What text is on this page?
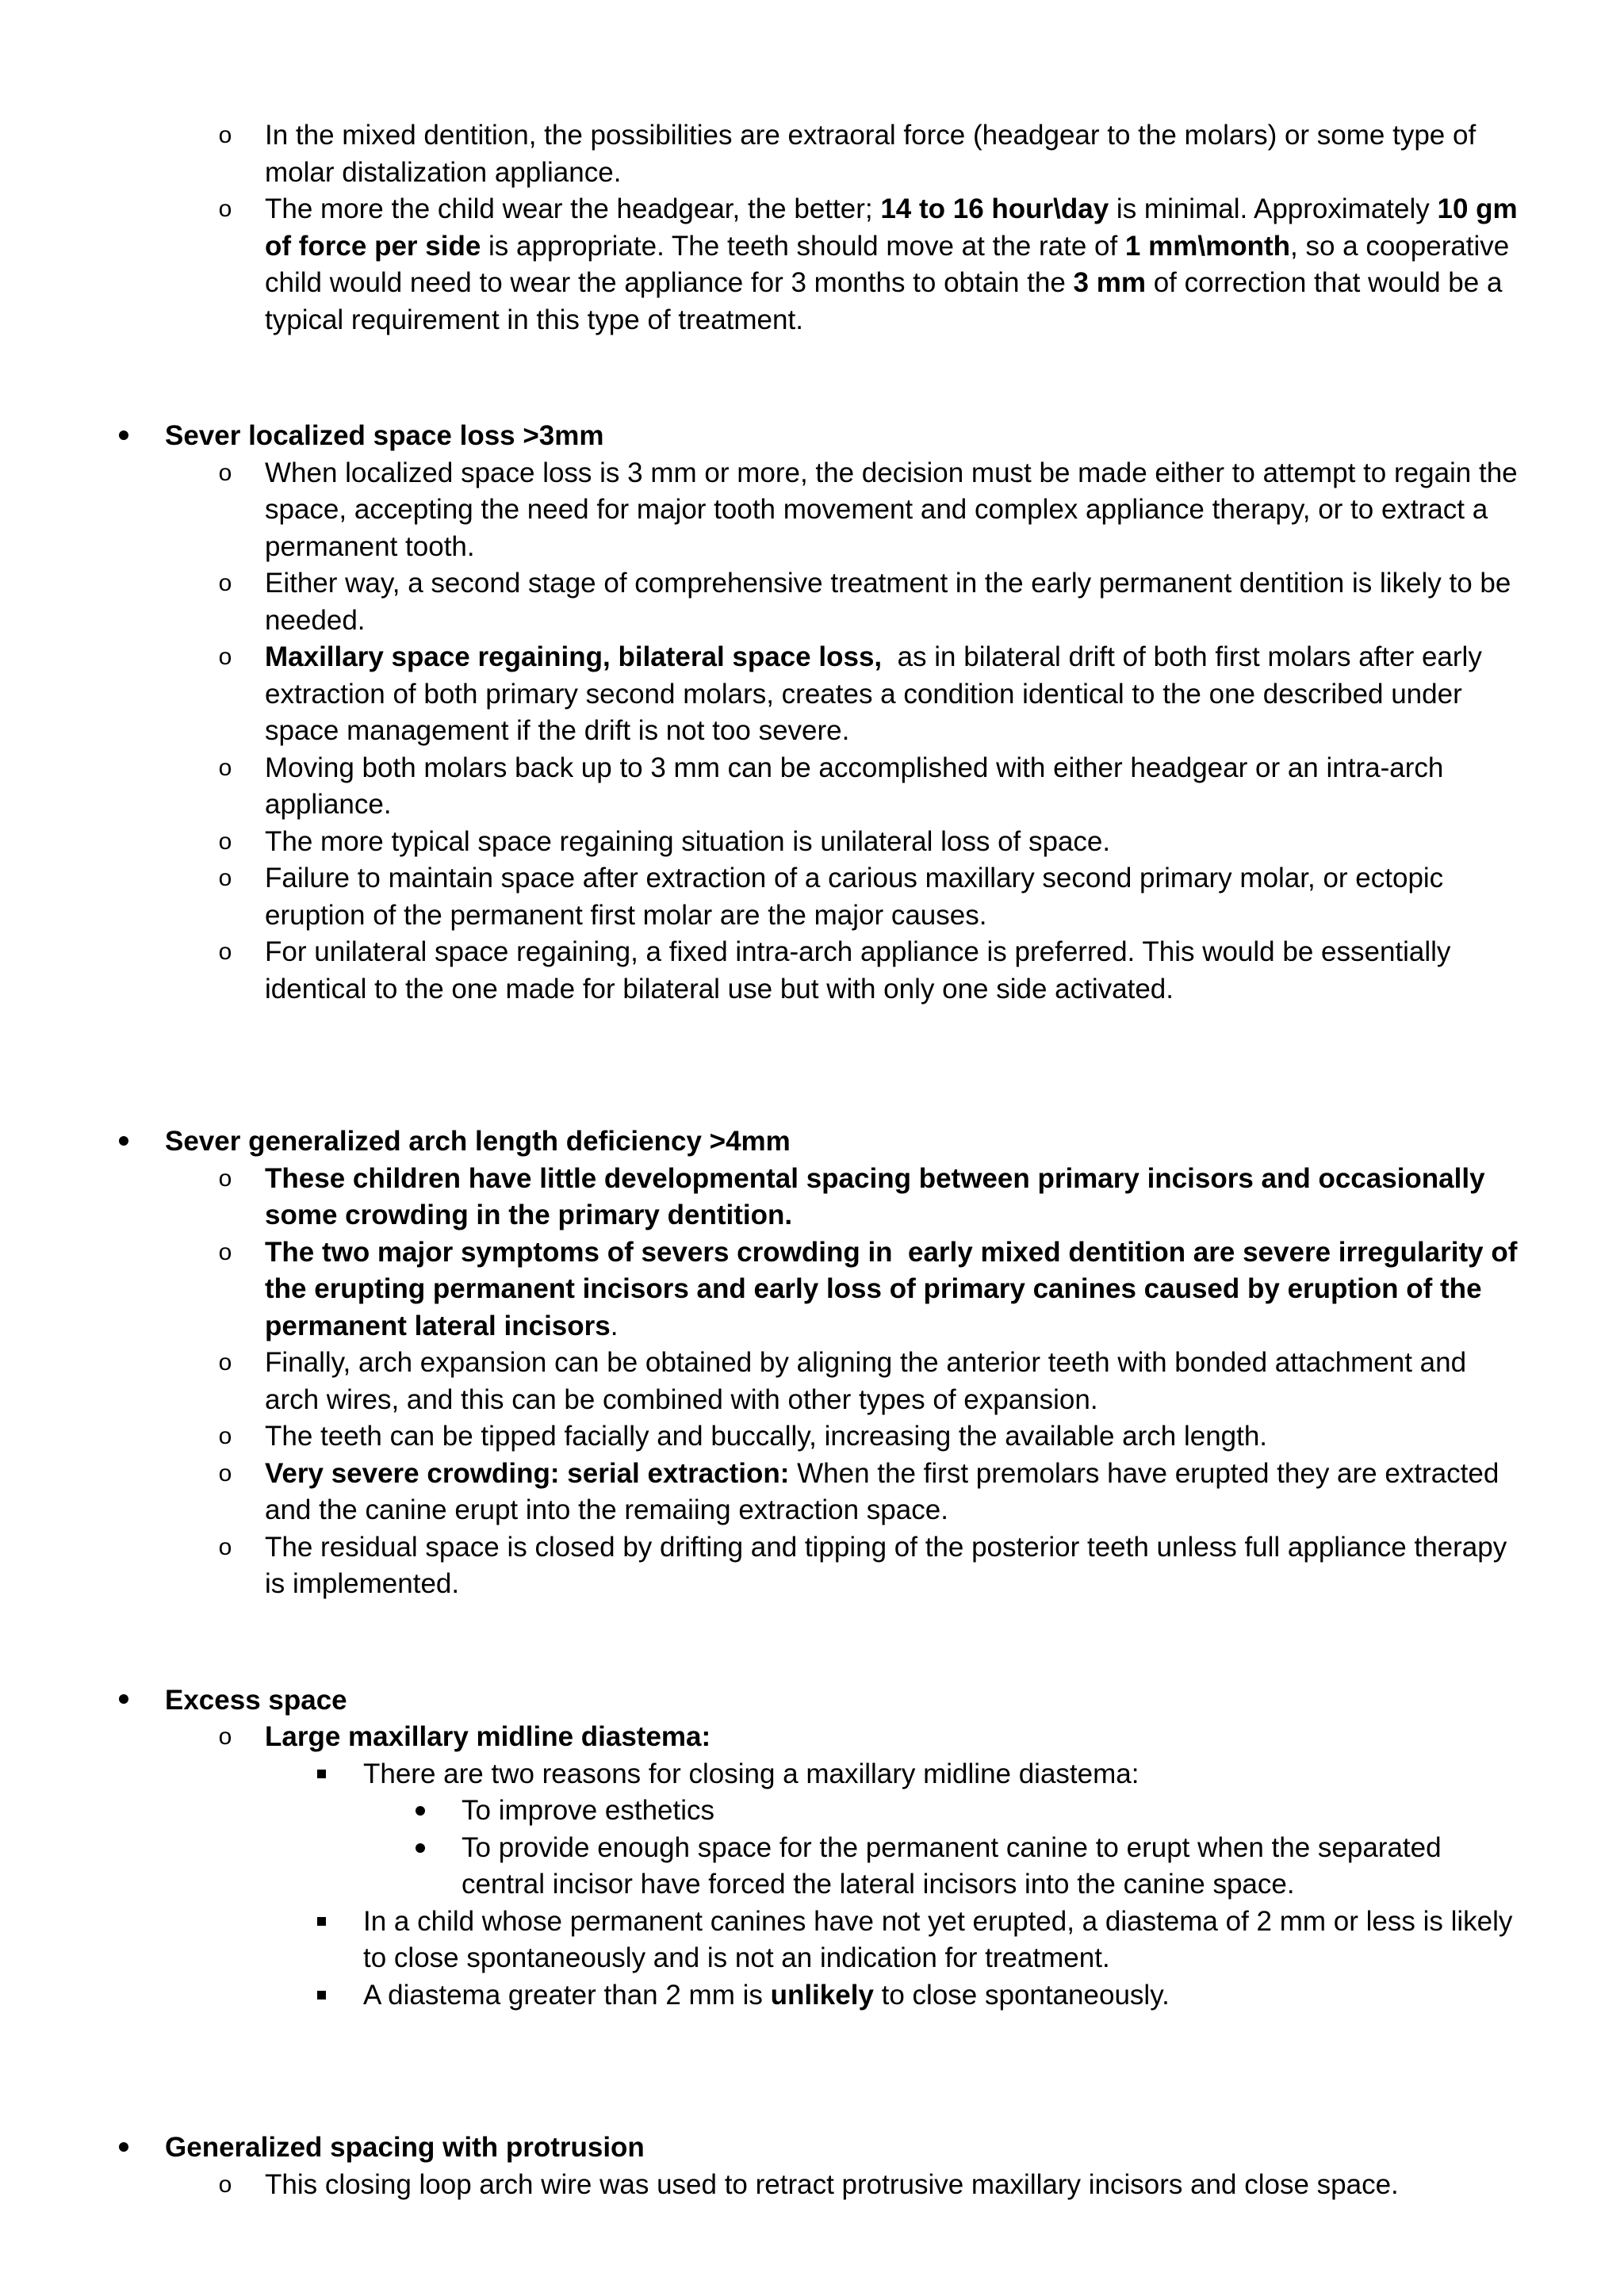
o In the mixed dentition, the possibilities are extraoral force (headgear to the molars) or some type of molar distalization appliance.
o The more the child wear the headgear, the better; 14 to 16 hour\day is minimal. Approximately 10 gm of force per side is appropriate. The teeth should move at the rate of 1 mm\month, so a cooperative child would need to wear the appliance for 3 months to obtain the 3 mm of correction that would be a typical requirement in this type of treatment.
Sever localized space loss >3mm
o When localized space loss is 3 mm or more, the decision must be made either to attempt to regain the space, accepting the need for major tooth movement and complex appliance therapy, or to extract a permanent tooth.
o Either way, a second stage of comprehensive treatment in the early permanent dentition is likely to be needed.
o Maxillary space regaining, bilateral space loss,  as in bilateral drift of both first molars after early extraction of both primary second molars, creates a condition identical to the one described under space management if the drift is not too severe.
o Moving both molars back up to 3 mm can be accomplished with either headgear or an intra-arch appliance.
o The more typical space regaining situation is unilateral loss of space.
o Failure to maintain space after extraction of a carious maxillary second primary molar, or ectopic eruption of the permanent first molar are the major causes.
o For unilateral space regaining, a fixed intra-arch appliance is preferred. This would be essentially identical to the one made for bilateral use but with only one side activated.
Sever generalized arch length deficiency >4mm
o These children have little developmental spacing between primary incisors and occasionally some crowding in the primary dentition.
o The two major symptoms of severs crowding in  early mixed dentition are severe irregularity of the erupting permanent incisors and early loss of primary canines caused by eruption of the permanent lateral incisors.
o Finally, arch expansion can be obtained by aligning the anterior teeth with bonded attachment and arch wires, and this can be combined with other types of expansion.
o The teeth can be tipped facially and buccally, increasing the available arch length.
o Very severe crowding: serial extraction: When the first premolars have erupted they are extracted and the canine erupt into the remaiing extraction space.
o The residual space is closed by drifting and tipping of the posterior teeth unless full appliance therapy is implemented.
Excess space
o Large maxillary midline diastema:
There are two reasons for closing a maxillary midline diastema:
To improve esthetics
To provide enough space for the permanent canine to erupt when the separated central incisor have forced the lateral incisors into the canine space.
In a child whose permanent canines have not yet erupted, a diastema of 2 mm or less is likely to close spontaneously and is not an indication for treatment.
A diastema greater than 2 mm is unlikely to close spontaneously.
Generalized spacing with protrusion
o This closing loop arch wire was used to retract protrusive maxillary incisors and close space.
